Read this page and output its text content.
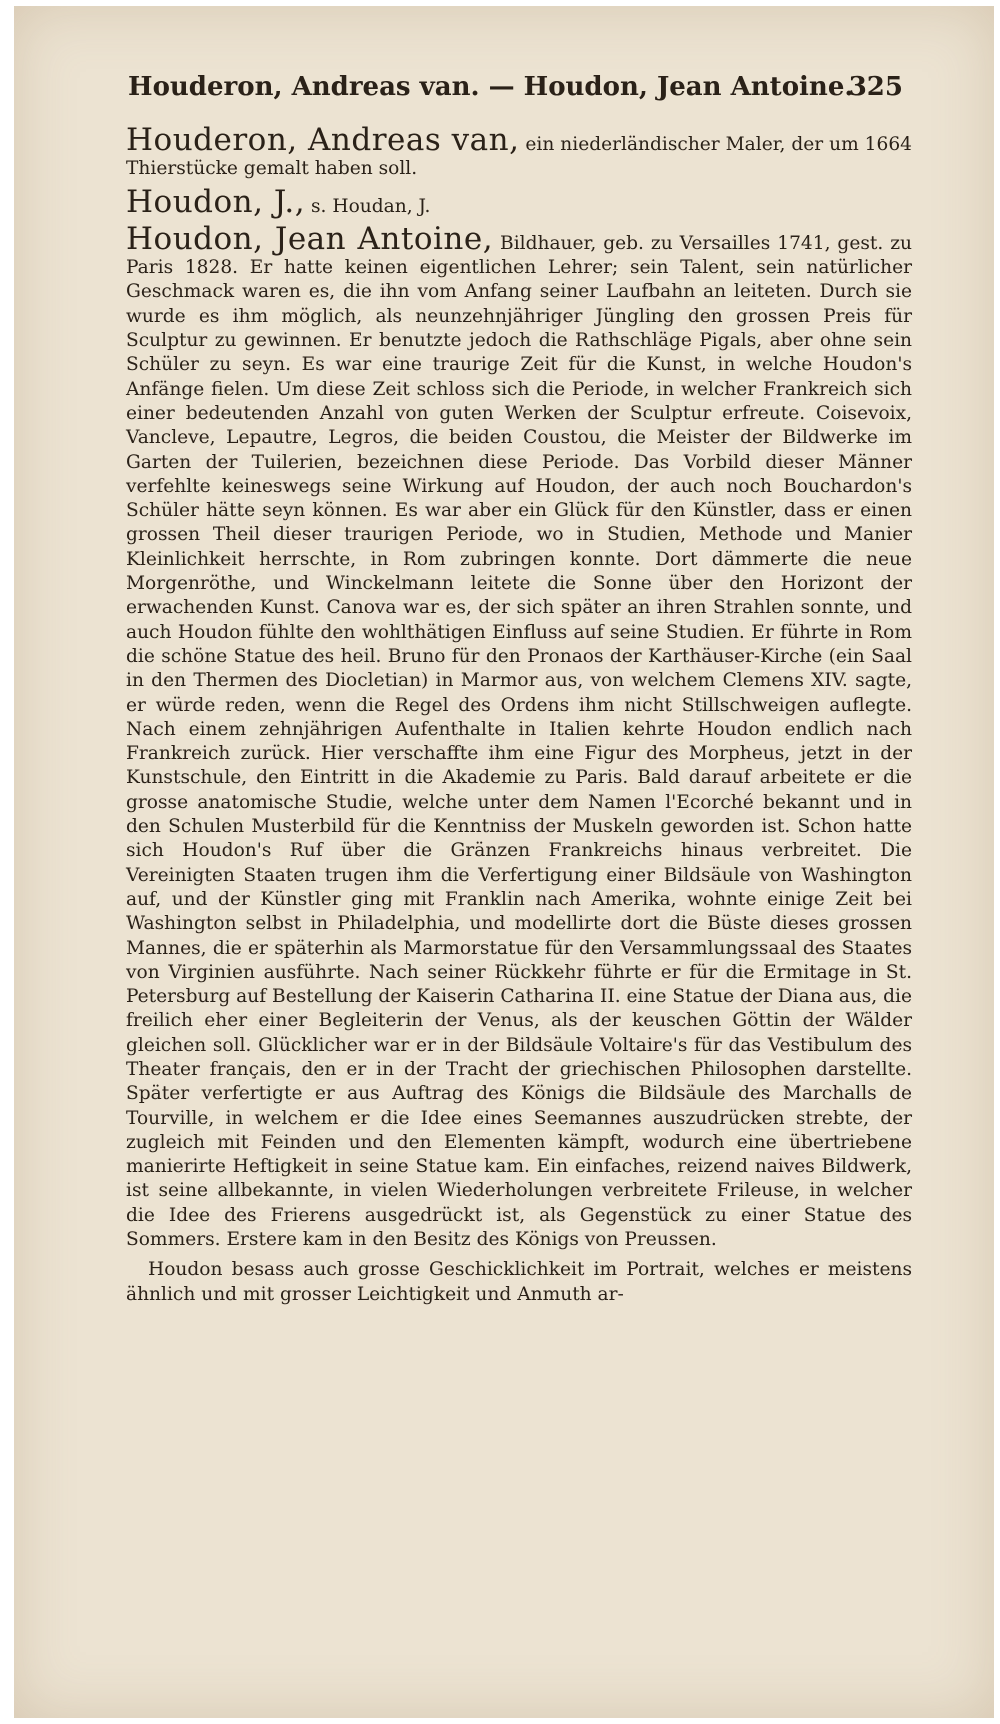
Houderon, Andreas van. — Houdon, Jean Antoine.
325

Houderon, Andreas van, ein niederländischer Maler, der um 1664 Thierstücke gemalt haben soll.

Houdon, J., s. Houdan, J.

Houdon, Jean Antoine, Bildhauer, geb. zu Versailles 1741, gest. zu Paris 1828. Er hatte keinen eigentlichen Lehrer; sein Talent, sein natürlicher Geschmack waren es, die ihn vom Anfang seiner Laufbahn an leiteten. Durch sie wurde es ihm möglich, als neunzehnjähriger Jüngling den grossen Preis für Sculptur zu gewinnen. Er benutzte jedoch die Rathschläge Pigals, aber ohne sein Schüler zu seyn. Es war eine traurige Zeit für die Kunst, in welche Houdon's Anfänge fielen. Um diese Zeit schloss sich die Periode, in welcher Frankreich sich einer bedeutenden Anzahl von guten Werken der Sculptur erfreute. Coisevoix, Vancleve, Lepautre, Legros, die beiden Coustou, die Meister der Bildwerke im Garten der Tuilerien, bezeichnen diese Periode. Das Vorbild dieser Männer verfehlte keineswegs seine Wirkung auf Houdon, der auch noch Bouchardon's Schüler hätte seyn können. Es war aber ein Glück für den Künstler, dass er einen grossen Theil dieser traurigen Periode, wo in Studien, Methode und Manier Kleinlichkeit herrschte, in Rom zubringen konnte. Dort dämmerte die neue Morgenröthe, und Winckelmann leitete die Sonne über den Horizont der erwachenden Kunst. Canova war es, der sich später an ihren Strahlen sonnte, und auch Houdon fühlte den wohlthätigen Einfluss auf seine Studien. Er führte in Rom die schöne Statue des heil. Bruno für den Pronaos der Karthäuser-Kirche (ein Saal in den Thermen des Diocletian) in Marmor aus, von welchem Clemens XIV. sagte, er würde reden, wenn die Regel des Ordens ihm nicht Stillschweigen auflegte. Nach einem zehnjährigen Aufenthalte in Italien kehrte Houdon endlich nach Frankreich zurück. Hier verschaffte ihm eine Figur des Morpheus, jetzt in der Kunstschule, den Eintritt in die Akademie zu Paris. Bald darauf arbeitete er die grosse anatomische Studie, welche unter dem Namen l'Ecorché bekannt und in den Schulen Musterbild für die Kenntniss der Muskeln geworden ist. Schon hatte sich Houdon's Ruf über die Gränzen Frankreichs hinaus verbreitet. Die Vereinigten Staaten trugen ihm die Verfertigung einer Bildsäule von Washington auf, und der Künstler ging mit Franklin nach Amerika, wohnte einige Zeit bei Washington selbst in Philadelphia, und modellirte dort die Büste dieses grossen Mannes, die er späterhin als Marmorstatue für den Versammlungssaal des Staates von Virginien ausführte. Nach seiner Rückkehr führte er für die Ermitage in St. Petersburg auf Bestellung der Kaiserin Catharina II. eine Statue der Diana aus, die freilich eher einer Begleiterin der Venus, als der keuschen Göttin der Wälder gleichen soll. Glücklicher war er in der Bildsäule Voltaire's für das Vestibulum des Theater français, den er in der Tracht der griechischen Philosophen darstellte. Später verfertigte er aus Auftrag des Königs die Bildsäule des Marchalls de Tourville, in welchem er die Idee eines Seemannes auszudrücken strebte, der zugleich mit Feinden und den Elementen kämpft, wodurch eine übertriebene manierirte Heftigkeit in seine Statue kam. Ein einfaches, reizend naives Bildwerk, ist seine allbekannte, in vielen Wiederholungen verbreitete Frileuse, in welcher die Idee des Frierens ausgedrückt ist, als Gegenstück zu einer Statue des Sommers. Erstere kam in den Besitz des Königs von Preussen.

Houdon besass auch grosse Geschicklichkeit im Portrait, welches er meistens ähnlich und mit grosser Leichtigkeit und Anmuth ar-
